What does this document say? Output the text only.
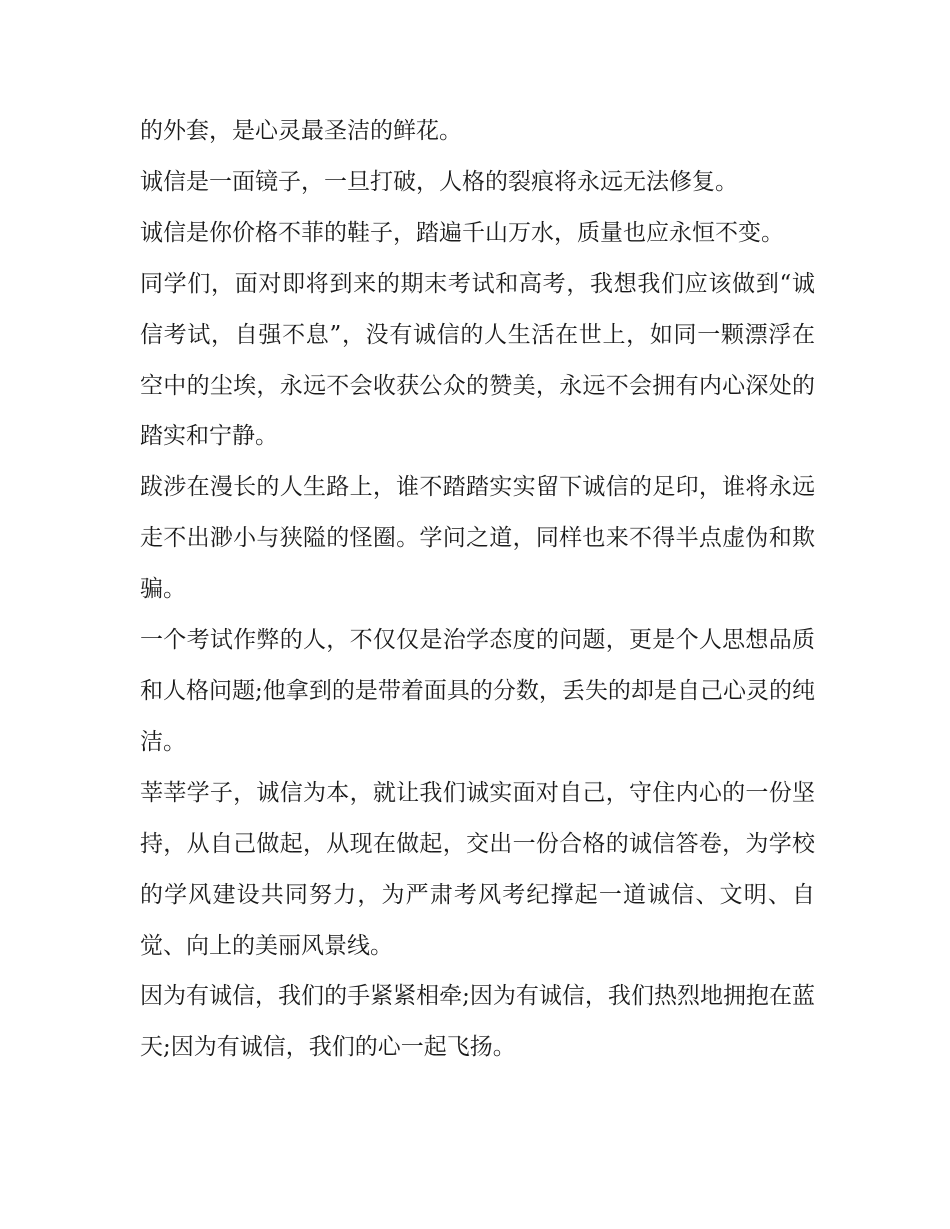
的外套，是心灵最圣洁的鲜花。

诚信是一面镜子，一旦打破，人格的裂痕将永远无法修复。

诚信是你价格不菲的鞋子，踏遍千山万水，质量也应永恒不变。

同学们，面对即将到来的期末考试和高考，我想我们应该做到“诚信考试，自强不息”，没有诚信的人生活在世上，如同一颗漂浮在空中的尘埃，永远不会收获公众的赞美，永远不会拥有内心深处的踏实和宁静。

跋涉在漫长的人生路上，谁不踏踏实实留下诚信的足印，谁将永远走不出渺小与狭隘的怪圈。学问之道，同样也来不得半点虚伪和欺骗。

一个考试作弊的人，不仅仅是治学态度的问题，更是个人思想品质和人格问题;他拿到的是带着面具的分数，丢失的却是自己心灵的纯洁。

莘莘学子，诚信为本，就让我们诚实面对自己，守住内心的一份坚持，从自己做起，从现在做起，交出一份合格的诚信答卷，为学校的学风建设共同努力，为严肃考风考纪撑起一道诚信、文明、自觉、向上的美丽风景线。

因为有诚信，我们的手紧紧相牵;因为有诚信，我们热烈地拥抱在蓝天;因为有诚信，我们的心一起飞扬。
